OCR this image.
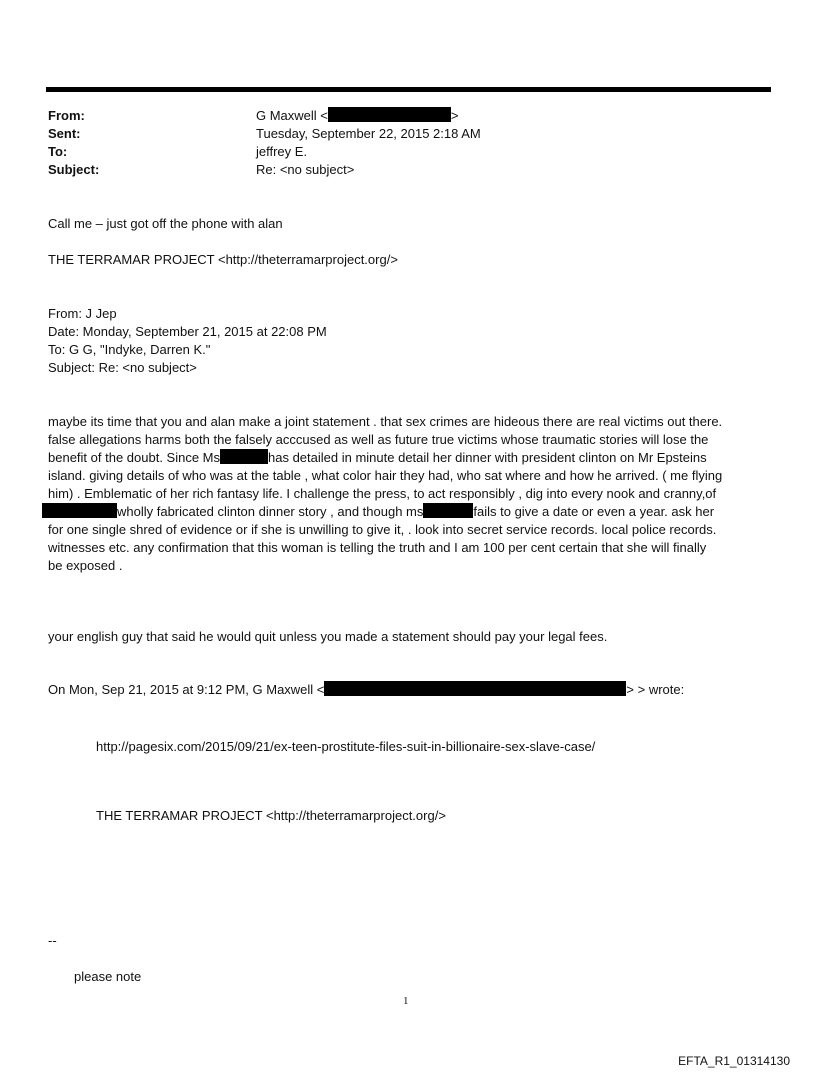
From:	G Maxwell <	>
Sent:	Tuesday, September 22, 2015 2:18 AM
To:	jeffrey E.
Subject:	Re: <no subject>
Call me – just got off the phone with alan
THE TERRAMAR PROJECT <http://theterramarproject.org/>

From: J Jep

Date: Monday, September 21, 2015 at 22:08 PM

To: G G, "Indyke, Darren K."

Subject: Re: <no subject>

maybe its time that you and alan make a joint statement . that sex crimes are hideous there are real victims out there.

false allegations harms both the falsely acccused as well as future true victims whose traumatic stories will lose the

benefit of the doubt. Since Ms	has detailed in minute detail her dinner with president clinton on Mr Epsteins

island. giving details of who was at the table , what color hair they had, who sat where and how he arrived. ( me flying

him) . Emblematic of her rich fantasy life. I challenge the press, to act responsibly , dig into every nook and cranny,of

wholly fabricated clinton dinner story , and though ms	fails to give a date or even a year. ask her

for one single shred of evidence or if she is unwilling to give it, . look into secret service records. local police records.

witnesses etc. any confirmation that this woman is telling the truth and I am 100 per cent certain that she will finally

be exposed .

your english guy that said he would quit unless you made a statement should pay your legal fees.
On Mon, Sep 21, 2015 at 9:12 PM, G Maxwell <	> > wrote:
http://pagesix.com/2015/09/21/ex-teen-prostitute-files-suit-in-billionaire-sex-slave-case/
THE TERRAMAR PROJECT <http://theterramarproject.org/>
--
please note
1
EFTA_R1_01314130
